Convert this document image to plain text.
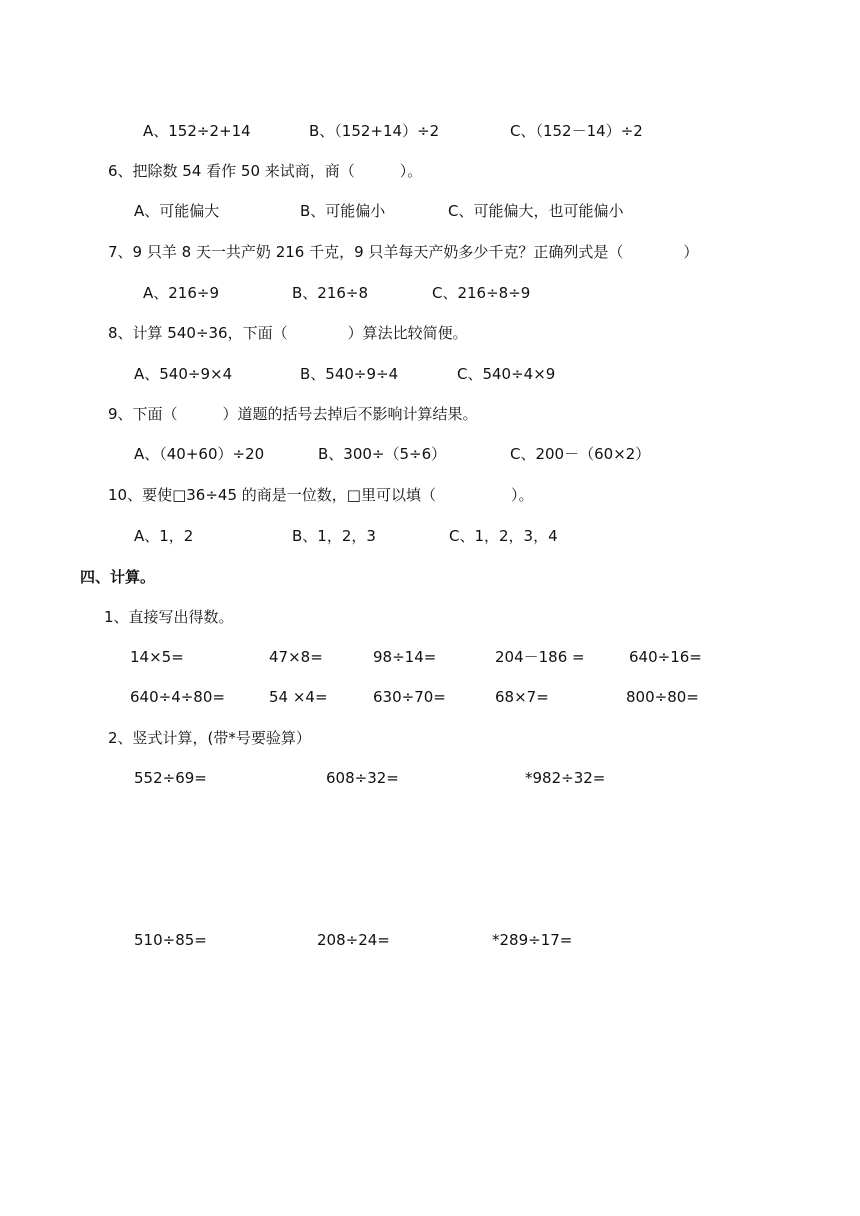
A、152÷2+14	B、（152+14）÷2	C、（152－14）÷2
6、把除数 54 看作 50 来试商，商（　　　）。
A、可能偏大	B、可能偏小	C、可能偏大，也可能偏小
7、9 只羊 8 天一共产奶 216 千克，9 只羊每天产奶多少千克？正确列式是（　　　　）
A、216÷9	B、216÷8	C、216÷8÷9
8、计算 540÷36，下面（　　　　）算法比较简便。
A、540÷9×4	B、540÷9÷4	C、540÷4×9
9、下面（　　　）道题的括号去掉后不影响计算结果。
A、（40+60）÷20	B、300÷（5÷6）	C、200－（60×2）
10、要使□36÷45 的商是一位数，□里可以填（　　　　　）。
A、1，2	B、1，2，3	C、1，2，3，4
四、计算。
1、直接写出得数。
14×5=	47×8=	98÷14=	204－186 =	640÷16=
640÷4÷80=	54 ×4=	630÷70=	68×7=	800÷80=
2、竖式计算，(带*号要验算）
552÷69=	608÷32=	*982÷32=
510÷85=	208÷24=	*289÷17=
